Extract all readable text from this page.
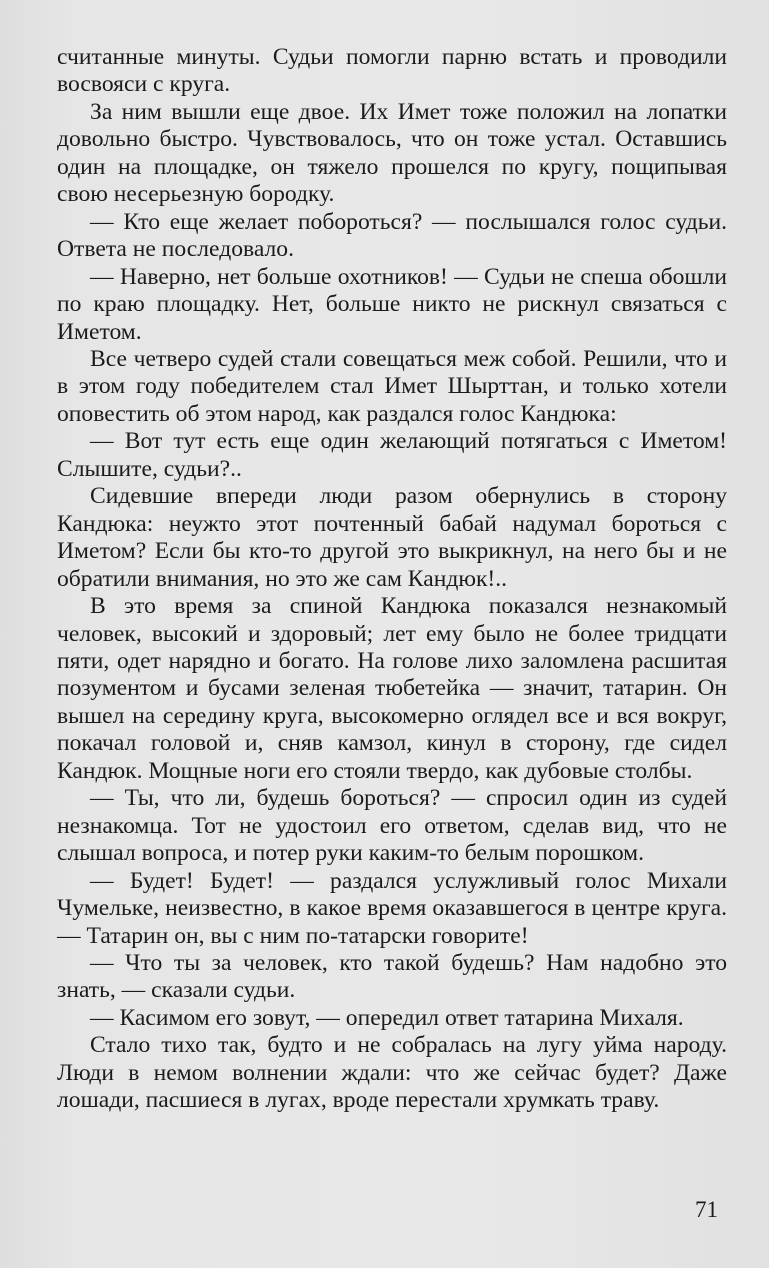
считанные минуты. Судьи помогли парню встать и проводили восвояси с круга.

За ним вышли еще двое. Их Имет тоже положил на лопатки довольно быстро. Чувствовалось, что он тоже устал. Оставшись один на площадке, он тяжело прошелся по кругу, пощипывая свою несерьезную бородку.

— Кто еще желает побороться? — послышался голос судьи. Ответа не последовало.

— Наверно, нет больше охотников! — Судьи не спеша обошли по краю площадку. Нет, больше никто не рискнул связаться с Иметом.

Все четверо судей стали совещаться меж собой. Решили, что и в этом году победителем стал Имет Шырттан, и только хотели оповестить об этом народ, как раздался голос Кандюка:

— Вот тут есть еще один желающий потягаться с Иметом! Слышите, судьи?..

Сидевшие впереди люди разом обернулись в сторону Кандюка: неужто этот почтенный бабай надумал бороться с Иметом? Если бы кто-то другой это выкрикнул, на него бы и не обратили внимания, но это же сам Кандюк!..

В это время за спиной Кандюка показался незнакомый человек, высокий и здоровый; лет ему было не более тридцати пяти, одет нарядно и богато. На голове лихо заломлена расшитая позументом и бусами зеленая тюбетейка — значит, татарин. Он вышел на середину круга, высокомерно оглядел все и вся вокруг, покачал головой и, сняв камзол, кинул в сторону, где сидел Кандюк. Мощные ноги его стояли твердо, как дубовые столбы.

— Ты, что ли, будешь бороться? — спросил один из судей незнакомца. Тот не удостоил его ответом, сделав вид, что не слышал вопроса, и потер руки каким-то белым порошком.

— Будет! Будет! — раздался услужливый голос Михали Чумельке, неизвестно, в какое время оказавшегося в центре круга. — Татарин он, вы с ним по-татарски говорите!

— Что ты за человек, кто такой будешь? Нам надобно это знать, — сказали судьи.

— Касимом его зовут, — опередил ответ татарина Михаля.

Стало тихо так, будто и не собралась на лугу уйма народу. Люди в немом волнении ждали: что же сейчас будет? Даже лошади, пасшиеся в лугах, вроде перестали хрумкать траву.

71
